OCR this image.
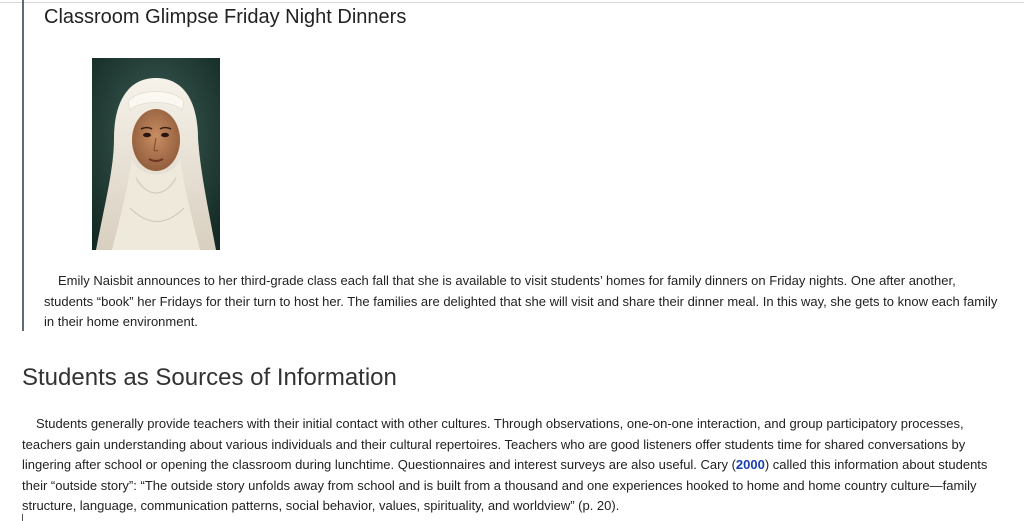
Classroom Glimpse Friday Night Dinners

Emily Naisbit announces to her third-grade class each fall that she is available to visit students’ homes for family dinners on Friday nights. One after another, students “book” her Fridays for their turn to host her. The families are delighted that she will visit and share their dinner meal. In this way, she gets to know each family in their home environment.

Students as Sources of Information

Students generally provide teachers with their initial contact with other cultures. Through observations, one-on-one interaction, and group participatory processes, teachers gain understanding about various individuals and their cultural repertoires. Teachers who are good listeners offer students time for shared conversations by lingering after school or opening the classroom during lunchtime. Questionnaires and interest surveys are also useful. Cary (2000) called this information about students their “outside story”: “The outside story unfolds away from school and is built from a thousand and one experiences hooked to home and home country culture—family structure, language, communication patterns, social behavior, values, spirituality, and worldview” (p. 20).
